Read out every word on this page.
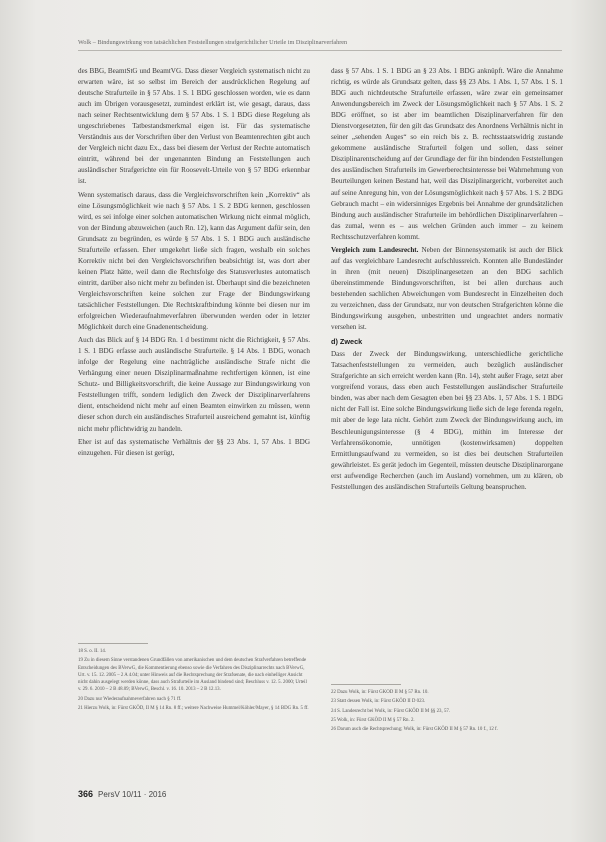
Wolk – Bindungswirkung von tatsächlichen Feststellungen strafgerichtlicher Urteile im Disziplinarverfahren

des BBG, BeamtStG und BeamtVG. Dass dieser Vergleich systematisch nicht zu erwarten wäre, ist so selbst im Bereich der ausdrücklichen Regelung auf deutsche Strafurteile in § 57 Abs. 1 S. 1 BDG geschlossen worden, wie es dann auch im Übrigen vorausgesetzt, zumindest erklärt ist, wie gesagt, daraus, dass nach seiner Rechtsentwicklung dem § 57 Abs. 1 S. 1 BDG diese Regelung als ungeschriebenes Tatbestandsmerkmal eigen ist. Für das systematische Verständnis aus der Vorschriften über den Verlust von Beamtenrechten gibt auch der Vergleich nicht dazu Ex., dass bei diesem der Verlust der Rechte automatisch eintritt, während bei der ungenannten Bindung an Feststellungen auch ausländischer Strafgerichte ein für Roosevelt-Urteile von § 57 BDG erkennbar ist.

Wenn systematisch daraus, dass die Vergleichsvorschriften kein „Korrektiv“ als eine Lösungsmöglichkeit wie nach § 57 Abs. 1 S. 2 BDG kennen, geschlossen wird, es sei infolge einer solchen automatischen Wirkung nicht einmal möglich, von der Bindung abzuweichen (auch Rn. 12), kann das Argument dafür sein, den Grundsatz zu begründen, es würde § 57 Abs. 1 S. 1 BDG auch ausländische Strafurteile erfassen. Eher umgekehrt ließe sich fragen, weshalb ein solches Korrektiv nicht bei den Vergleichsvorschriften beabsichtigt ist, was dort aber keinen Platz hätte, weil dann die Rechtsfolge des Statusverlustes automatisch eintritt, darüber also nicht mehr zu befinden ist. Überhaupt sind die bezeichneten Vergleichsvorschriften keine solchen zur Frage der Bindungswirkung tatsächlicher Feststellungen. Die Rechtskraftbindung könnte bei diesen nur im erfolgreichen Wiederaufnahmeverfahren überwunden werden oder in letzter Möglichkeit durch eine Gnadenentscheidung.

Auch das Blick auf § 14 BDG Rn. 1 d bestimmt nicht die Richtigkeit, § 57 Abs. 1 S. 1 BDG erfasse auch ausländische Strafurteile. § 14 Abs. 1 BDG, wonach infolge der Regelung eine nachträgliche ausländische Strafe nicht die Verhängung einer neuen Disziplinarmaßnahme rechtfertigen können, ist eine Schutz- und Billigkeitsvorschrift, die keine Aussage zur Bindungswirkung von Feststellungen trifft, sondern lediglich den Zweck der Disziplinarverfahrens dient, entscheidend nicht mehr auf einen Beamten einwirken zu müssen, wenn dieser schon durch ein ausländisches Strafurteil ausreichend gemahnt ist, künftig nicht mehr pflichtwidrig zu handeln.

Eher ist auf das systematische Verhältnis der §§ 23 Abs. 1, 57 Abs. 1 BDG einzugehen. Für diesen ist gerügt,

dass § 57 Abs. 1 S. 1 BDG an § 23 Abs. 1 BDG anknüpft. Wäre die Annahme richtig, es würde als Grundsatz gelten, dass §§ 23 Abs. 1 Abs. 1, 57 Abs. 1 S. 1 BDG auch nichtdeutsche Strafurteile erfassen, wäre zwar ein gemeinsamer Anwendungsbereich im Zweck der Lösungsmöglichkeit nach § 57 Abs. 1 S. 2 BDG eröffnet, so ist aber im beamtlichen Disziplinarverfahren für den Dienstvorgesetzten, für den gilt das Grundsatz des Anordnens Verhältnis nicht in seiner „sehenden Auges“ so ein reich bis z. B. rechtsstaatswidrig zustande gekommene ausländische Strafurteil folgen und sollen, dass seiner Disziplinarentscheidung auf der Grundlage der für ihn bindenden Feststellungen des ausländischen Strafurteils im Gewerberechtsinteresse bei Wahrnehmung von Beurteilungen keinen Bestand hat, weil das Disziplinargericht, vorbereitet auch auf seine Anregung hin, von der Lösungsmöglichkeit nach § 57 Abs. 1 S. 2 BDG Gebrauch macht – ein widersinniges Ergebnis bei Annahme der grundsätzlichen Bindung auch ausländischer Strafurteile im behördlichen Disziplinarverfahren – das zumal, wenn es – aus welchen Gründen auch immer – zu keinem Rechtsschutzverfahren kommt.

Vergleich zum Landesrecht. Neben der Binnensystematik ist auch der Blick auf das vergleichbare Landesrecht aufschlussreich. Konnten alle Bundesländer in ihren (mit neuen) Disziplinargesetzen an den BDG sachlich übereinstimmende Bindungsvorschriften, ist bei allen durchaus auch bestehenden sachlichen Abweichungen vom Bundesrecht in Einzelheiten doch zu verzeichnen, dass der Grundsatz, nur von deutschen Strafgerichten könne die Bindungswirkung ausgehen, unbestritten und ungeachtet anders normativ versehen ist.

d) Zweck

Dass der Zweck der Bindungswirkung, unterschiedliche gerichtliche Tatsachenfeststellungen zu vermeiden, auch bezüglich ausländischer Strafgerichte an sich erreicht werden kann (Rn. 14), steht außer Frage, setzt aber vorgreifend voraus, dass eben auch Feststellungen ausländischer Strafurteile binden, was aber nach dem Gesagten eben bei §§ 23 Abs. 1, 57 Abs. 1 S. 1 BDG nicht der Fall ist. Eine solche Bindungswirkung ließe sich de lege ferenda regeln, mit aber de lege lata nicht. Gehört zum Zweck der Bindungswirkung auch, im Beschleunigungsinteresse (§ 4 BDG), mithin im Interesse der Verfahrensökonomie, unnötigen (kostenwirksamen) doppelten Ermittlungsaufwand zu vermeiden, so ist dies bei deutschen Strafurteilen gewährleistet. Es gerät jedoch im Gegenteil, müssten deutsche Disziplinarorgane erst aufwendige Recherchen (auch im Ausland) vornehmen, um zu klären, ob Feststellungen des ausländischen Strafurteils Geltung beanspruchen.

18 S. o. II. 14.
19 Zu in diesem Sinne verstandenen Grundfällen von amerikanischen und dem deutschen Strafverfahren betreffende Entscheidungen des BVerwG, die Kommentierung ebenso sowie die Verfahren des Disziplinarrechts nach BVerwG, Urt. v. 15. 12. 2005 – 2 A 4.04; unter Hinweis auf die Rechtsprechung der Strafsenate, die nach einhelliger Ansicht nicht dahin ausgelegt werden könne, dass auch Strafurteile im Ausland bindend sind; Beschluss v. 12. 5. 2000; Urteil v. 29. 6. 2010 – 2 B 48.09; BVerwG, Beschl. v. 16. 10. 2013 – 2 B 12.13.
20 Dazu nur Wiederaufnahmeverfahren nach § 71 ff.
21 Hierzu Wolk, in: Fürst GKÖD, II M § 14 Rn. 8 ff.; weitere Nachweise Hummel/Köhler/Mayer, § 14 BDG Rn. 5 ff.
22 Dazu Wolk, in: Fürst GKÖD II M § 57 Rn. 10.
23 Statt dessen Wolk, in: Fürst GKÖD II D 023.
24 S. Landesrecht bei Wolk, in: Fürst GKÖD II M §§ 23, 57.
25 Wolk, in: Fürst GKÖD II M § 57 Rn. 2.
26 Darum auch die Rechtsprechung; Wolk, in: Fürst GKÖD II M § 57 Rn. 10 f., 12 f.
366 PersV 10/11 · 2016
